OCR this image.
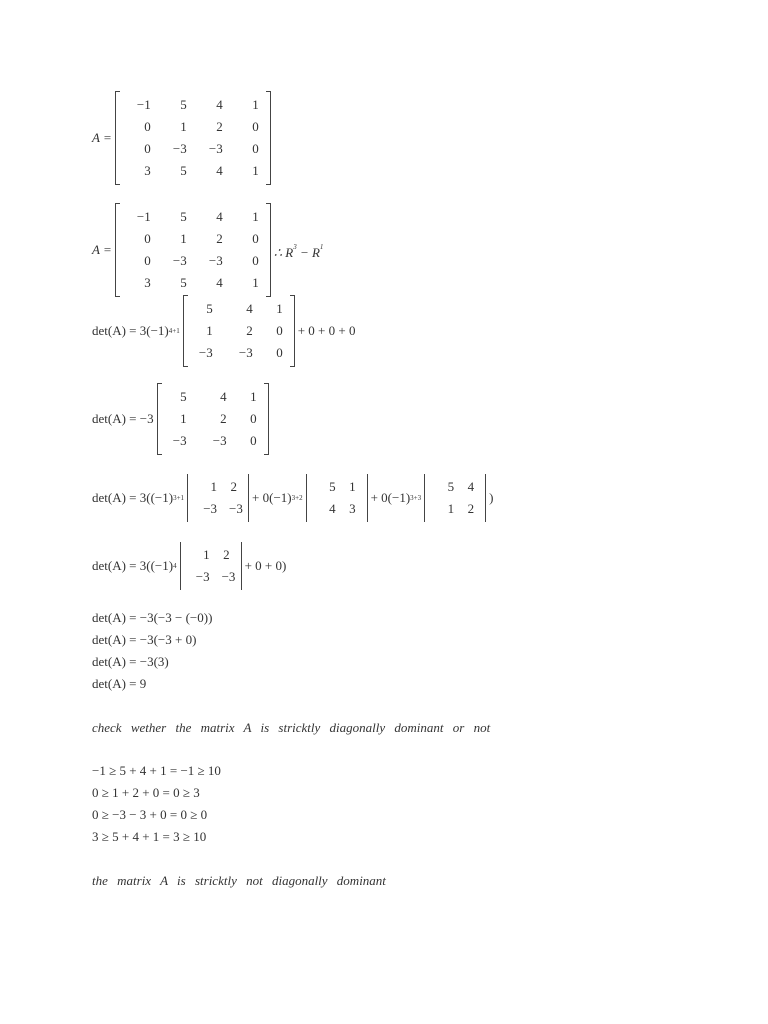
A =
−1	5	4	1
0	1	2	0
0	−3	−3	0
3	5	4	1
A =
−1	5	4	1
0	1	2	0
0	−3	−3	0
3	5	4	1
∴ $R^3 - R^1$
det(A) = 3(−1) 4+1
5	4	1
1	2	0
−3	−3	0
+ 0 + 0 + 0
det(A) = −3
5	4	1
1	2	0
−3	−3	0
det(A) = 3((−1) 3+1
1	2
−3 −3
+ 0(−1) 3+2
5	1
4	3
+ 0(−1) 3+3
5	4
1	2
)
det(A) = 3((−1) 4
1	2
−3 −3
+ 0 + 0)
det(A) = −3(−3 − (−0))
det(A) = −3(−3 + 0)
det(A) = −3(3)
det(A) = 9
check wether the matrix A is stricktly diagonally dominant or not
−1 ≥ 5 + 4 + 1 = −1 ≥ 10
0 ≥ 1 + 2 + 0 = 0 ≥ 3
0 ≥ −3 − 3 + 0 = 0 ≥ 0
3 ≥ 5 + 4 + 1 = 3 ≥ 10
the matrix A is stricktly not diagonally dominant
